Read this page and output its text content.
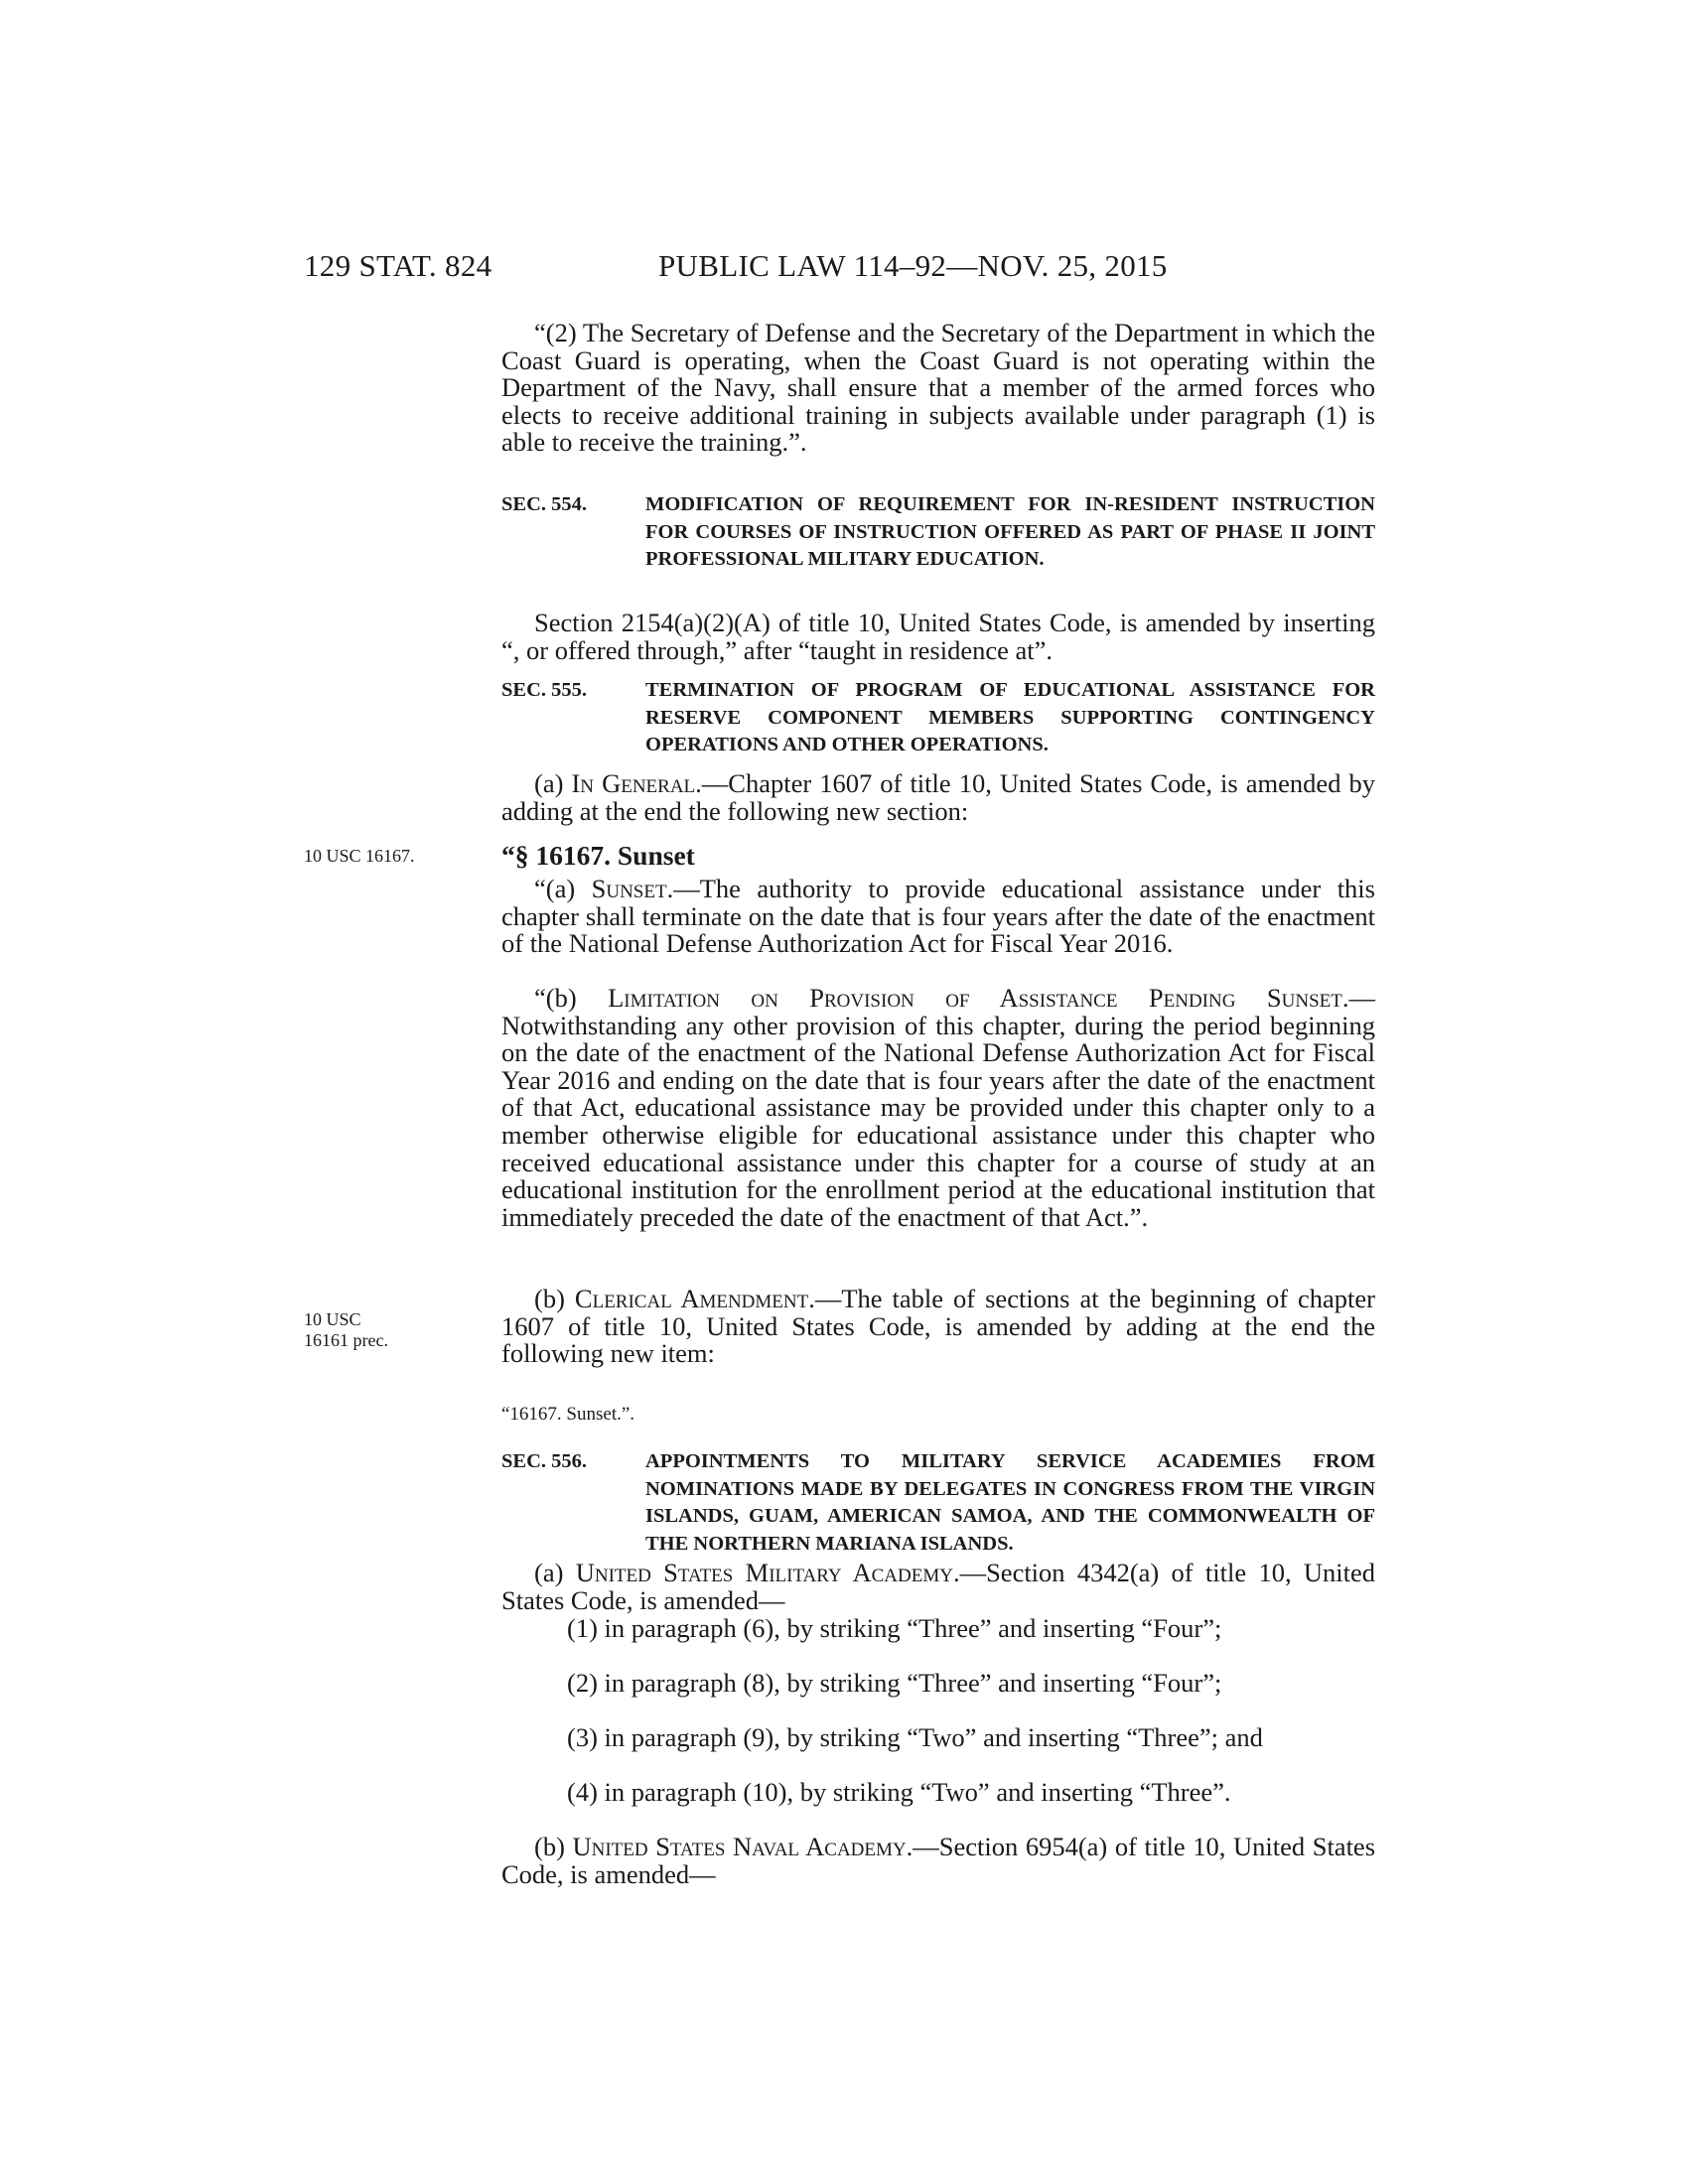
129 STAT. 824	PUBLIC LAW 114–92—NOV. 25, 2015

“(2) The Secretary of Defense and the Secretary of the Department in which the Coast Guard is operating, when the Coast Guard is not operating within the Department of the Navy, shall ensure that a member of the armed forces who elects to receive additional training in subjects available under paragraph (1) is able to receive the training.”.

SEC. 554.	MODIFICATION OF REQUIREMENT FOR IN-RESIDENT INSTRUCTION FOR COURSES OF INSTRUCTION OFFERED AS PART OF PHASE II JOINT PROFESSIONAL MILITARY EDUCATION.

Section 2154(a)(2)(A) of title 10, United States Code, is amended by inserting “, or offered through,” after “taught in residence at”.

SEC. 555.	TERMINATION OF PROGRAM OF EDUCATIONAL ASSISTANCE FOR RESERVE COMPONENT MEMBERS SUPPORTING CONTINGENCY OPERATIONS AND OTHER OPERATIONS.

(a) In General.—Chapter 1607 of title 10, United States Code, is amended by adding at the end the following new section:

10 USC 16167.	“§ 16167. Sunset

“(a) Sunset.—The authority to provide educational assistance under this chapter shall terminate on the date that is four years after the date of the enactment of the National Defense Authorization Act for Fiscal Year 2016.

“(b) Limitation on Provision of Assistance Pending Sunset.—Notwithstanding any other provision of this chapter, during the period beginning on the date of the enactment of the National Defense Authorization Act for Fiscal Year 2016 and ending on the date that is four years after the date of the enactment of that Act, educational assistance may be provided under this chapter only to a member otherwise eligible for educational assistance under this chapter who received educational assistance under this chapter for a course of study at an educational institution for the enrollment period at the educational institution that immediately preceded the date of the enactment of that Act.”.

10 USC
16161 prec.

(b) Clerical Amendment.—The table of sections at the beginning of chapter 1607 of title 10, United States Code, is amended by adding at the end the following new item:

“16167. Sunset.”.
SEC. 556.	APPOINTMENTS TO MILITARY SERVICE ACADEMIES FROM NOMINATIONS MADE BY DELEGATES IN CONGRESS FROM THE VIRGIN ISLANDS, GUAM, AMERICAN SAMOA, AND THE COMMONWEALTH OF THE NORTHERN MARIANA ISLANDS.

(a) United States Military Academy.—Section 4342(a) of title 10, United States Code, is amended—

(1) in paragraph (6), by striking “Three” and inserting “Four”;

(2) in paragraph (8), by striking “Three” and inserting “Four”;

(3) in paragraph (9), by striking “Two” and inserting “Three”; and

(4) in paragraph (10), by striking “Two” and inserting “Three”.

(b) United States Naval Academy.—Section 6954(a) of title 10, United States Code, is amended—
